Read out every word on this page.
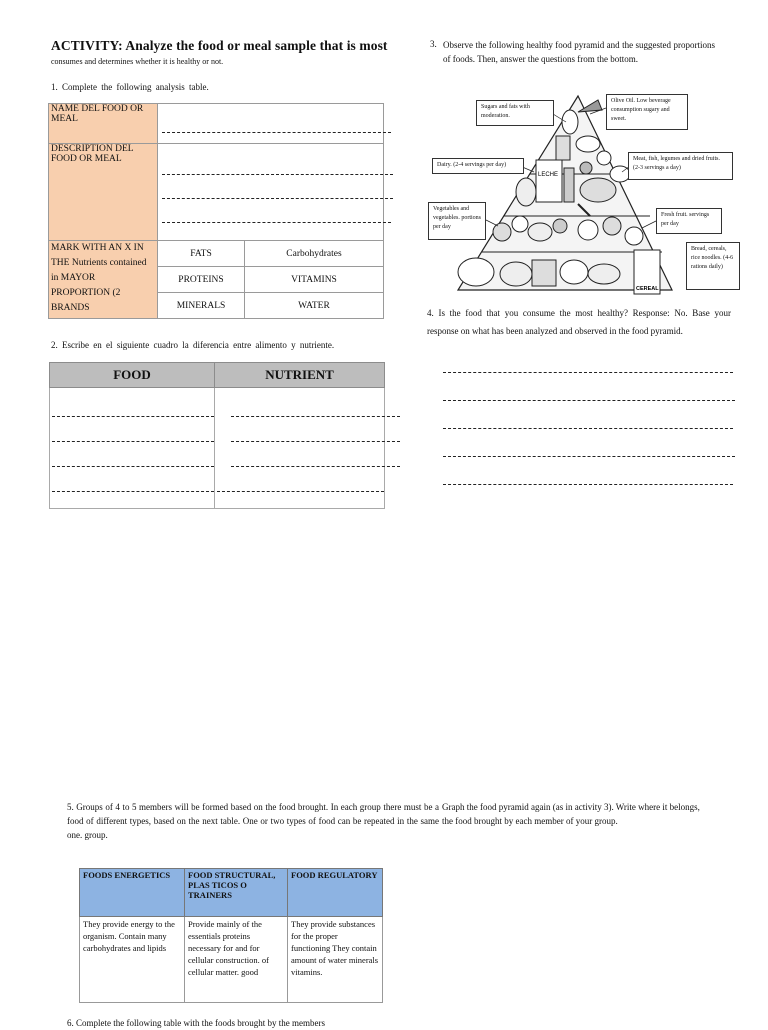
ACTIVITY: Analyze the food or meal sample that is most
consumes and determines whether it is healthy or not.
1. Complete the following analysis table.
NAME DEL FOOD OR MEAL		

DESCRIPTION DEL FOOD OR MEAL		

MARK WITH AN X IN THE Nutrients contained in MAYOR PROPORTION (2 BRANDS	FATS	Carbohydrates
	PROTEINS	VITAMINS
	MINERALS	WATER
2. Escribe en el siguiente cuadro la diferencia entre alimento y nutriente.
FOOD	NUTRIENT

3. Observe the following healthy food pyramid and the suggested proportions of foods. Then, answer the questions from the bottom.
LECHE
CEREAL
Sugars and fats with moderation.
Olive Oil. Low beverage consumption sugary and sweet.
Dairy. (2-4 servings per day)
Meat, fish, legumes and dried fruits. (2-3 servings a day)
Vegetables and vegetables. portions per day
Fresh fruit. servings per day
Bread, cereals, rice noodles. (4-6 rations daily)
4. Is the food that you consume the most healthy? Response: No. Base your response on what has been analyzed and observed in the food pyramid.
5. Groups of 4 to 5 members will be formed based on the food brought. In each group there must be a food of different types, based on the next table. One or two types of food can be repeated in the same one. group.
Graph the food pyramid again (as in activity 3). Write where it belongs, the food brought by each member of your group.
FOODS ENERGETICS	FOOD STRUCTURAL, PLAS TICOS O TRAINERS	FOOD REGULATORY
They provide energy to the organism. Contain many carbohydrates and lipids	Provide mainly of the essentials proteins necessary for and for cellular construction. of cellular matter. good	They provide substances for the proper functioning They contain amount of water minerals vitamins.
6. Complete the following table with the foods brought by the members
